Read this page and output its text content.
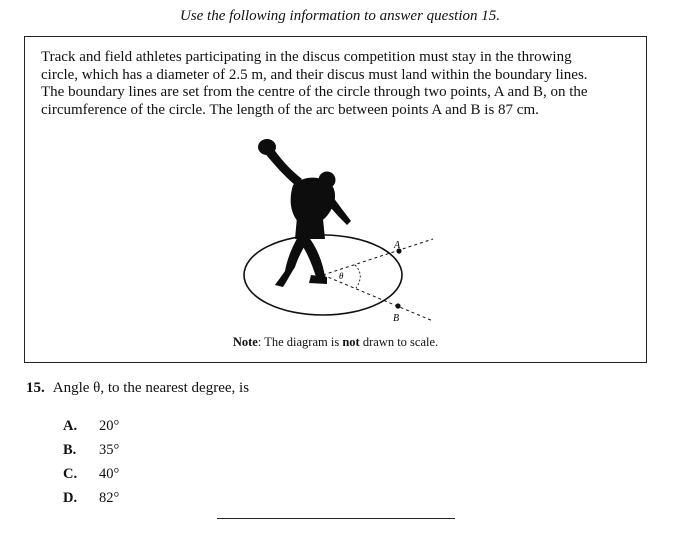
Use the following information to answer question 15.

Track and field athletes participating in the discus competition must stay in the throwing
circle, which has a diameter of 2.5 m, and their discus must land within the boundary lines.
The boundary lines are set from the centre of the circle through two points, A and B, on the
circumference of the circle. The length of the arc between points A and B is 87 cm.

A
B
θ
Note: The diagram is not drawn to scale.
15. Angle θ, to the nearest degree, is
A. 20°
B. 35°
C. 40°
D. 82°
